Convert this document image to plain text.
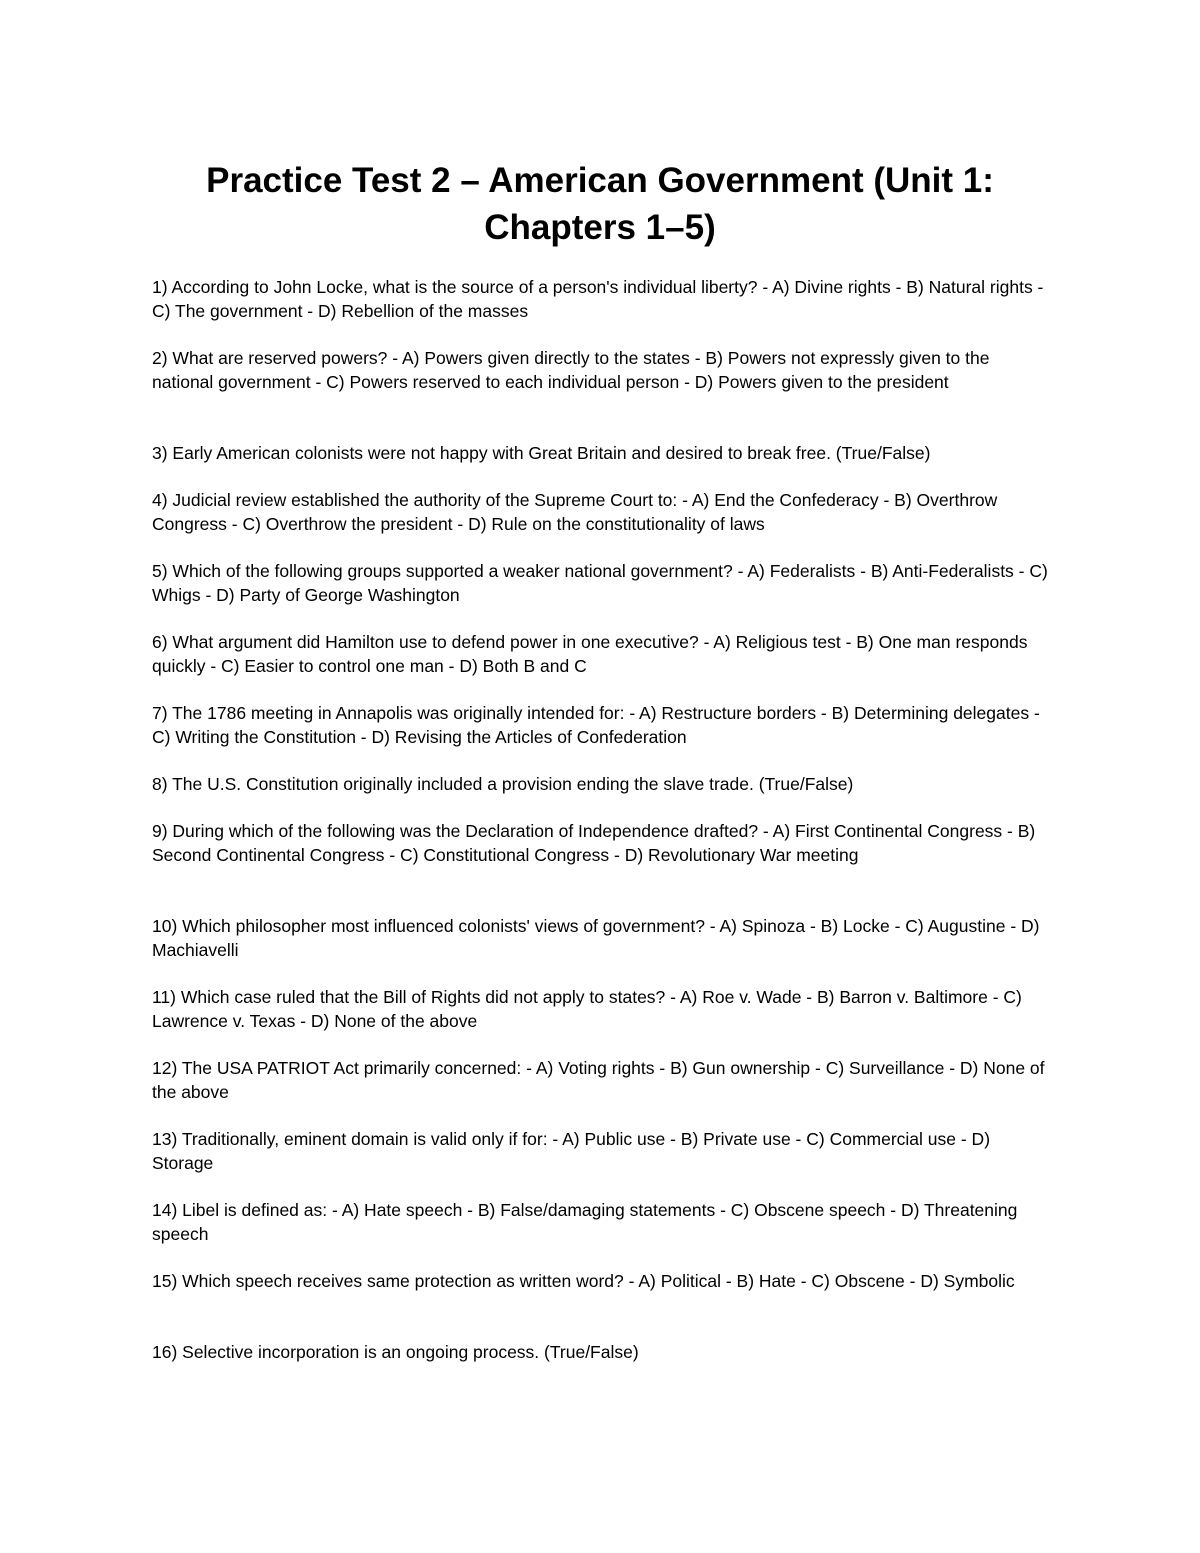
Practice Test 2 – American Government (Unit 1: Chapters 1–5)
1) According to John Locke, what is the source of a person's individual liberty? - A) Divine rights - B) Natural rights - C) The government - D) Rebellion of the masses
2) What are reserved powers? - A) Powers given directly to the states - B) Powers not expressly given to the national government - C) Powers reserved to each individual person - D) Powers given to the president
3) Early American colonists were not happy with Great Britain and desired to break free. (True/False)
4) Judicial review established the authority of the Supreme Court to: - A) End the Confederacy - B) Overthrow Congress - C) Overthrow the president - D) Rule on the constitutionality of laws
5) Which of the following groups supported a weaker national government? - A) Federalists - B) Anti-Federalists - C) Whigs - D) Party of George Washington
6) What argument did Hamilton use to defend power in one executive? - A) Religious test - B) One man responds quickly - C) Easier to control one man - D) Both B and C
7) The 1786 meeting in Annapolis was originally intended for: - A) Restructure borders - B) Determining delegates - C) Writing the Constitution - D) Revising the Articles of Confederation
8) The U.S. Constitution originally included a provision ending the slave trade. (True/False)
9) During which of the following was the Declaration of Independence drafted? - A) First Continental Congress - B) Second Continental Congress - C) Constitutional Congress - D) Revolutionary War meeting
10) Which philosopher most influenced colonists' views of government? - A) Spinoza - B) Locke - C) Augustine - D) Machiavelli
11) Which case ruled that the Bill of Rights did not apply to states? - A) Roe v. Wade - B) Barron v. Baltimore - C) Lawrence v. Texas - D) None of the above
12) The USA PATRIOT Act primarily concerned: - A) Voting rights - B) Gun ownership - C) Surveillance - D) None of the above
13) Traditionally, eminent domain is valid only if for: - A) Public use - B) Private use - C) Commercial use - D) Storage
14) Libel is defined as: - A) Hate speech - B) False/damaging statements - C) Obscene speech - D) Threatening speech
15) Which speech receives same protection as written word? - A) Political - B) Hate - C) Obscene - D) Symbolic
16) Selective incorporation is an ongoing process. (True/False)
